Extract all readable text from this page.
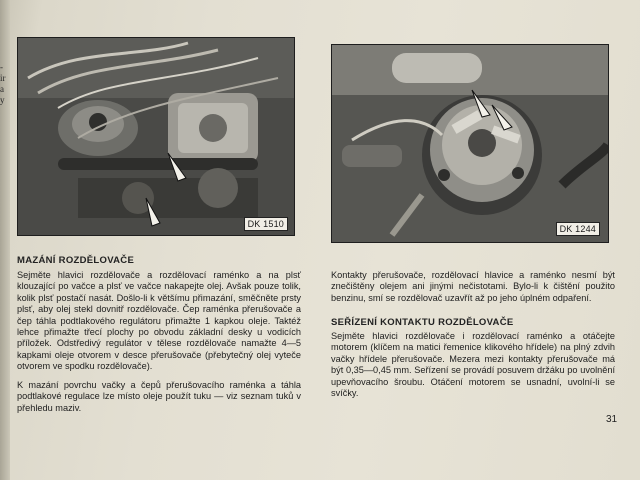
-
ir
a
y
DK 1510	DK 1244
MAZÁNÍ ROZDĚLOVAČE
Sejměte hlavici rozdělovače a rozdělovací raménko a na plsť klouzající po vačce a plsť ve vačce nakapejte olej. Avšak pouze tolik, kolik plsť postačí nasát. Došlo-li k většímu přimazání, směčněte prsty plsť, aby olej stekl dovnitř rozdělovače. Čep raménka přerušovače a čep táhla podtlakového regulátoru přimažte 1 kapkou oleje. Taktéž lehce přimažte třecí plochy po obvodu základní desky u vodicích příložek. Odstředivý regulátor v tělese rozdělovače namažte 4—5 kapkami oleje otvorem v desce přerušovače (přebytečný olej vyteče otvorem ve spodku rozdělovače).
K mazání povrchu vačky a čepů přerušovacího raménka a táhla podtlakové regulace lze místo oleje použít tuku — viz seznam tuků v přehledu maziv.
Kontakty přerušovače, rozdělovací hlavice a raménko nesmí být znečištěny olejem ani jinými nečistotami. Bylo-li k čištění použito benzinu, smí se rozdělovač uzavřít až po jeho úplném odpaření.
SEŘÍZENÍ KONTAKTU ROZDĚLOVAČE
Sejměte hlavici rozdělovače i rozdělovací raménko a otáčejte motorem (klíčem na matici řemenice klikového hřídele) na plný zdvih vačky hřídele přerušovače. Mezera mezi kontakty přerušovače má být 0,35—0,45 mm. Seřízení se provádí posuvem držáku po uvolnění upevňovacího šroubu. Otáčení motorem se usnadní, uvolní-li se svíčky.
31
